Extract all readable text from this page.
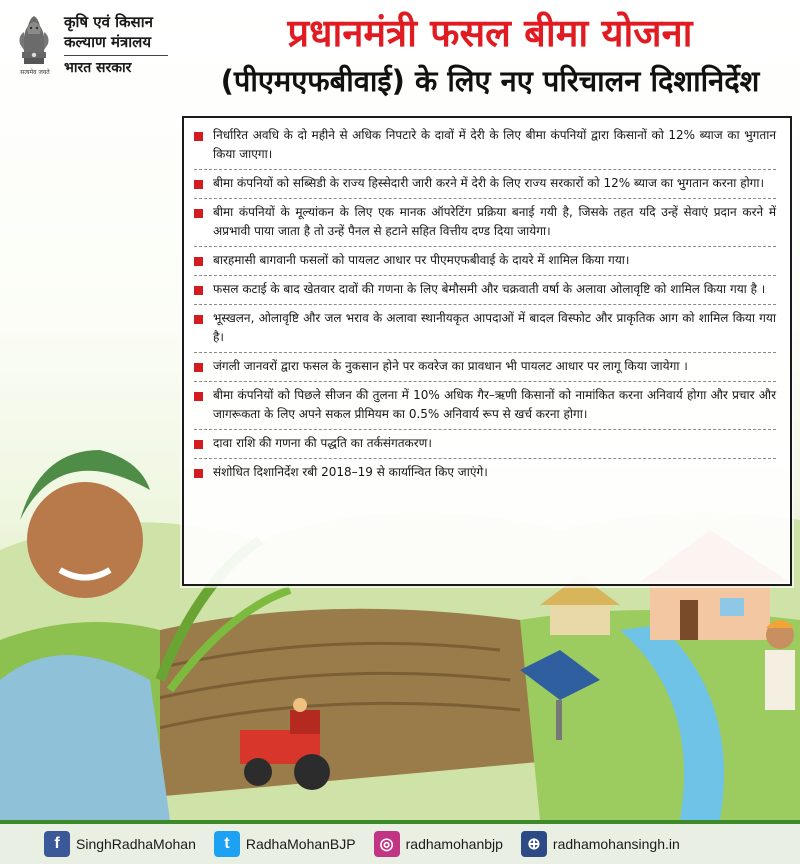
सत्यमेव जयते
कृषि एवं किसान
कल्याण मंत्रालय
भारत सरकार
प्रधानमंत्री फसल बीमा योजना
(पीएमएफबीवाई) के लिए नए परिचालन दिशानिर्देश
निर्धारित अवधि के दो महीने से अधिक निपटारे के दावों में देरी के लिए बीमा कंपनियों द्वारा किसानों को 12% ब्याज का भुगतान किया जाएगा।
बीमा कंपनियों को सब्सिडी के राज्य हिस्सेदारी जारी करने में देरी के लिए राज्य सरकारों को 12% ब्याज का भुगतान करना होगा।
बीमा कंपनियों के मूल्यांकन के लिए एक मानक ऑपरेटिंग प्रक्रिया बनाई गयी है, जिसके तहत यदि उन्हें सेवाएं प्रदान करने में अप्रभावी पाया जाता है तो उन्हें पैनल से हटाने सहित वित्तीय दण्ड दिया जायेगा।
बारहमासी बागवानी फसलों को पायलट आधार पर पीएमएफबीवाई के दायरे में शामिल किया गया।
फसल कटाई के बाद खेतवार दावों की गणना के लिए बेमौसमी और चक्रवाती वर्षा के अलावा ओलावृष्टि को शामिल किया गया है ।
भूस्खलन, ओलावृष्टि और जल भराव के अलावा स्थानीयकृत आपदाओं में बादल विस्फोट और प्राकृतिक आग को शामिल किया गया है।
जंगली जानवरों द्वारा फसल के नुकसान होने पर कवरेज का प्रावधान भी पायलट आधार पर लागू किया जायेगा ।
बीमा कंपनियों को पिछले सीजन की तुलना में 10% अधिक गैर–ऋणी किसानों को नामांकित करना अनिवार्य होगा और प्रचार और जागरूकता के लिए अपने सकल प्रीमियम का 0.5% अनिवार्य रूप से खर्च करना होगा।
दावा राशि की गणना की पद्धति का तर्कसंगतकरण।
संशोधित दिशानिर्देश रबी 2018–19 से कार्यान्वित किए जाएंगे।
f	SinghRadhaMohan	t	RadhaMohanBJP	◎ radhamohanbjp	⊕ radhamohansingh.in
